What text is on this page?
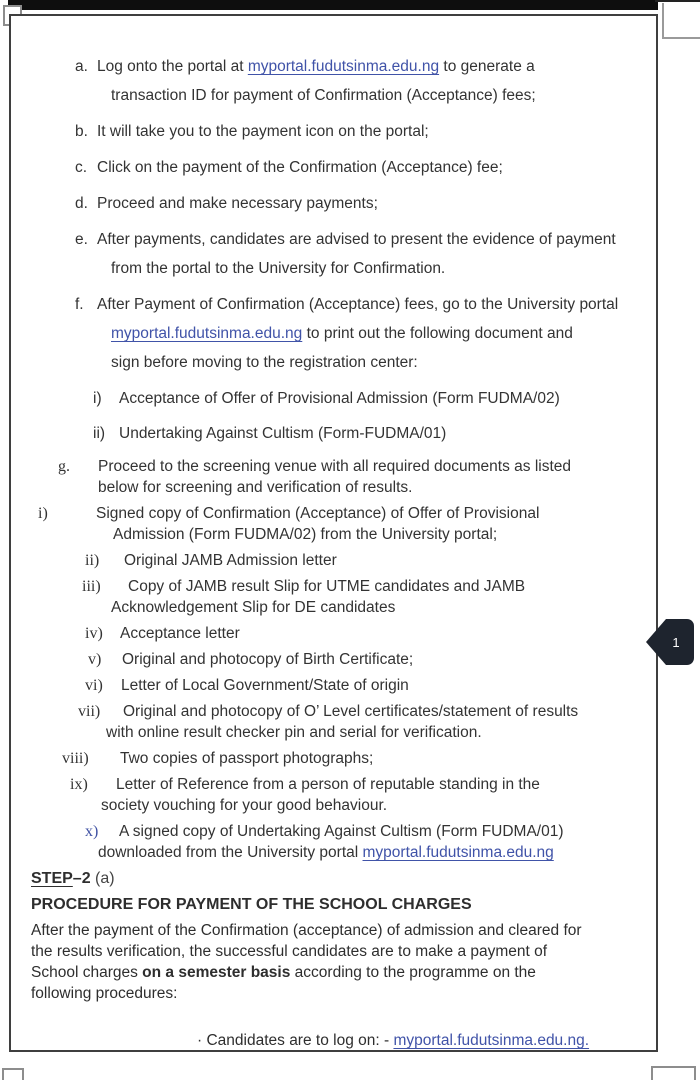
a. Log onto the portal at myportal.fudutsinma.edu.ng to generate a
transaction ID for payment of Confirmation (Acceptance) fees;
b. It will take you to the payment icon on the portal;
c. Click on the payment of the Confirmation (Acceptance) fee;
d. Proceed and make necessary payments;
e. After payments, candidates are advised to present the evidence of payment
from the portal to the University for Confirmation.
f. After Payment of Confirmation (Acceptance) fees, go to the University portal
myportal.fudutsinma.edu.ng to print out the following document and
sign before moving to the registration center:
i)	Acceptance of Offer of Provisional Admission (Form FUDMA/02)
ii) Undertaking Against Cultism (Form-FUDMA/01)
g.	Proceed to the screening venue with all required documents as listed
below for screening and verification of results.
i)	Signed copy of Confirmation (Acceptance) of Offer of Provisional
Admission (Form FUDMA/02) from the University portal;
ii)	Original JAMB Admission letter
iii)	Copy of JAMB result Slip for UTME candidates and JAMB
Acknowledgement Slip for DE candidates
iv)	Acceptance letter
v)	Original and photocopy of Birth Certificate;
vi)	Letter of Local Government/State of origin
vii)	Original and photocopy of O’ Level certificates/statement of results
with online result checker pin and serial for verification.
viii)	Two copies of passport photographs;
ix)	Letter of Reference from a person of reputable standing in the
society vouching for your good behaviour.
x)	A signed copy of Undertaking Against Cultism (Form FUDMA/01)
downloaded from the University portal myportal.fudutsinma.edu.ng
STEP–2 (a)
PROCEDURE FOR PAYMENT OF THE SCHOOL CHARGES
After the payment of the Confirmation (acceptance) of admission and cleared for
the results verification, the successful candidates are to make a payment of
School charges on a semester basis according to the programme on the
following procedures:
· Candidates are to log on: - myportal.fudutsinma.edu.ng.
1
